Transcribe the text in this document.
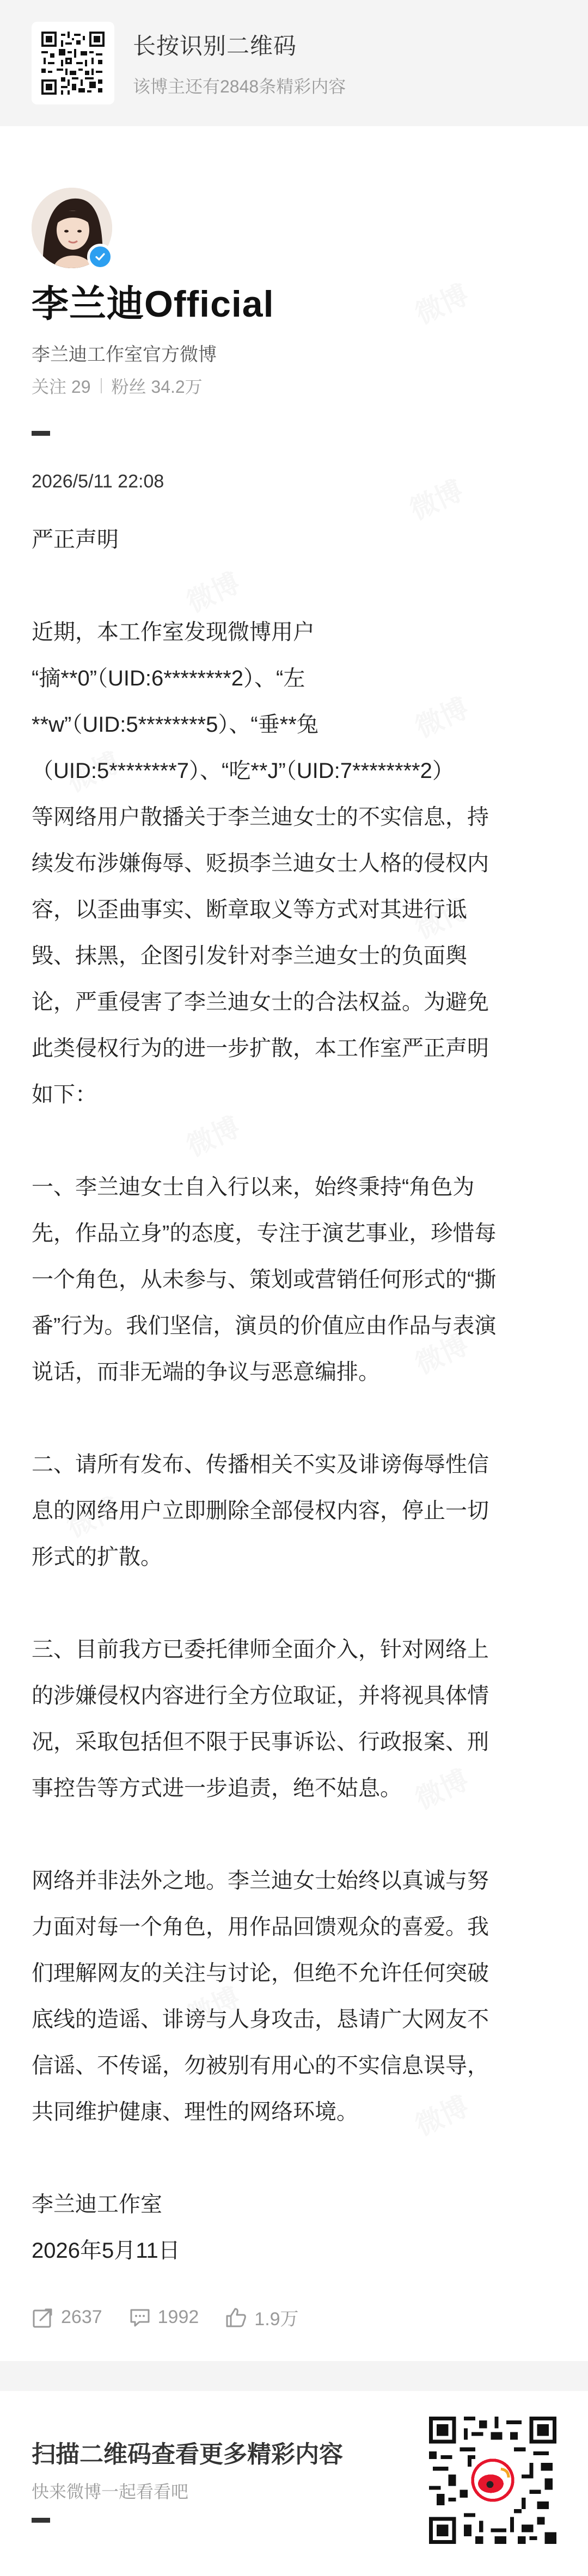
长按识别二维码
该博主还有2848条精彩内容
李兰迪Official
李兰迪工作室官方微博
关注 29 粉丝 34.2万
2026/5/11 22:08
严正声明
近期，本工作室发现微博用户
“摘**0”（UID:6********2）、“左
**w”（UID:5********5）、“垂**兔
（UID:5********7）、“吃**J”（UID:7********2）
等网络用户散播关于李兰迪女士的不实信息，持
续发布涉嫌侮辱、贬损李兰迪女士人格的侵权内
容，以歪曲事实、断章取义等方式对其进行诋
毁、抹黑，企图引发针对李兰迪女士的负面舆
论，严重侵害了李兰迪女士的合法权益。为避免
此类侵权行为的进一步扩散，本工作室严正声明
如下：
一、李兰迪女士自入行以来，始终秉持“角色为
先，作品立身”的态度，专注于演艺事业，珍惜每
一个角色，从未参与、策划或营销任何形式的“撕
番”行为。我们坚信，演员的价值应由作品与表演
说话，而非无端的争议与恶意编排。
二、请所有发布、传播相关不实及诽谤侮辱性信
息的网络用户立即删除全部侵权内容，停止一切
形式的扩散。
三、目前我方已委托律师全面介入，针对网络上
的涉嫌侵权内容进行全方位取证，并将视具体情
况，采取包括但不限于民事诉讼、行政报案、刑
事控告等方式进一步追责，绝不姑息。
网络并非法外之地。李兰迪女士始终以真诚与努
力面对每一个角色，用作品回馈观众的喜爱。我
们理解网友的关注与讨论，但绝不允许任何突破
底线的造谣、诽谤与人身攻击，恳请广大网友不
信谣、不传谣，勿被别有用心的不实信息误导，
共同维护健康、理性的网络环境。
李兰迪工作室
2026年5月11日
2637	1992	1.9万
扫描二维码查看更多精彩内容
快来微博一起看看吧
